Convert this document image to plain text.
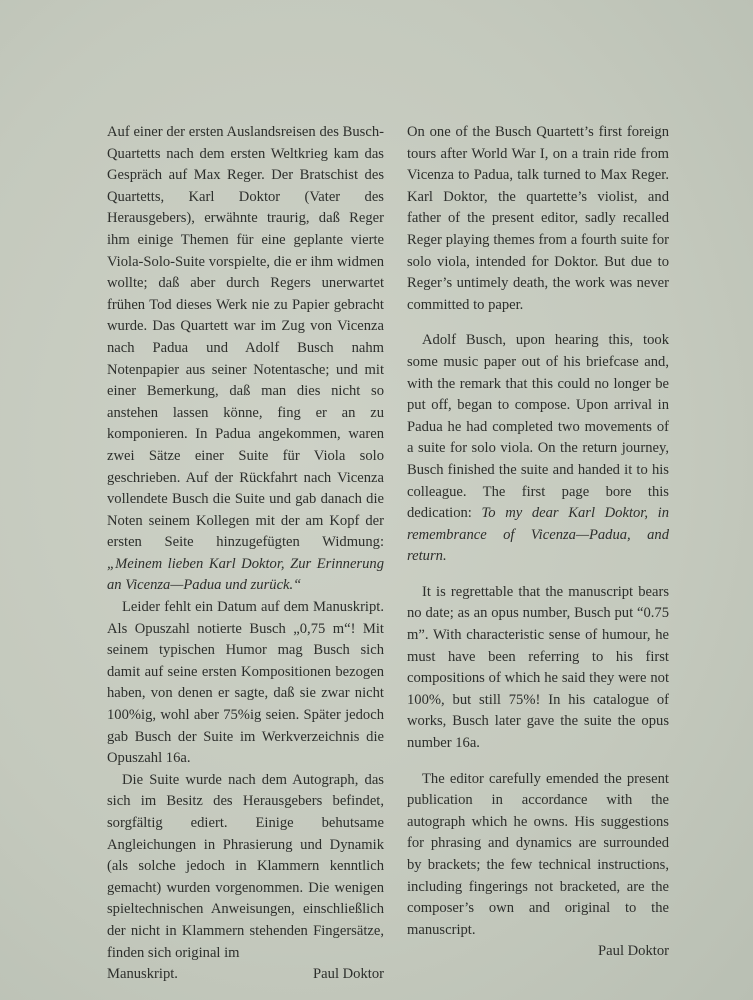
Auf einer der ersten Auslandsreisen des Busch-Quartetts nach dem ersten Weltkrieg kam das Gespräch auf Max Reger. Der Bratschist des Quartetts, Karl Doktor (Vater des Herausgebers), erwähnte traurig, daß Reger ihm einige Themen für eine geplante vierte Viola-Solo-Suite vorspielte, die er ihm widmen wollte; daß aber durch Regers unerwartet frühen Tod dieses Werk nie zu Papier gebracht wurde. Das Quartett war im Zug von Vicenza nach Padua und Adolf Busch nahm Notenpapier aus seiner Notentasche; und mit einer Bemerkung, daß man dies nicht so anstehen lassen könne, fing er an zu komponieren. In Padua angekommen, waren zwei Sätze einer Suite für Viola solo geschrieben. Auf der Rückfahrt nach Vicenza vollendete Busch die Suite und gab danach die Noten seinem Kollegen mit der am Kopf der ersten Seite hinzugefügten Widmung: „Meinem lieben Karl Doktor, Zur Erinnerung an Vicenza—Padua und zurück.“

Leider fehlt ein Datum auf dem Manuskript. Als Opuszahl notierte Busch „0,75 m“! Mit seinem typischen Humor mag Busch sich damit auf seine ersten Kompositionen bezogen haben, von denen er sagte, daß sie zwar nicht 100%ig, wohl aber 75%ig seien. Später jedoch gab Busch der Suite im Werkverzeichnis die Opuszahl 16a.

Die Suite wurde nach dem Autograph, das sich im Besitz des Herausgebers befindet, sorgfältig ediert. Einige behutsame Angleichungen in Phrasierung und Dynamik (als solche jedoch in Klammern kenntlich gemacht) wurden vorgenommen. Die wenigen spieltechnischen Anweisungen, einschließlich der nicht in Klammern stehenden Fingersätze, finden sich original im

Manuskript.	Paul Doktor

On one of the Busch Quartett’s first foreign tours after World War I, on a train ride from Vicenza to Padua, talk turned to Max Reger. Karl Doktor, the quartette’s violist, and father of the present editor, sadly recalled Reger playing themes from a fourth suite for solo viola, intended for Doktor. But due to Reger’s untimely death, the work was never committed to paper.

Adolf Busch, upon hearing this, took some music paper out of his briefcase and, with the remark that this could no longer be put off, began to compose. Upon arrival in Padua he had completed two movements of a suite for solo viola. On the return journey, Busch finished the suite and handed it to his colleague. The first page bore this dedication: To my dear Karl Doktor, in remembrance of Vicenza—Padua, and return.

It is regrettable that the manuscript bears no date; as an opus number, Busch put “0.75 m”. With characteristic sense of humour, he must have been referring to his first compositions of which he said they were not 100%, but still 75%! In his catalogue of works, Busch later gave the suite the opus number 16a.

The editor carefully emended the present publication in accordance with the autograph which he owns. His suggestions for phrasing and dynamics are surrounded by brackets; the few technical instructions, including fingerings not bracketed, are the composer’s own and original to the manuscript.

Paul Doktor
